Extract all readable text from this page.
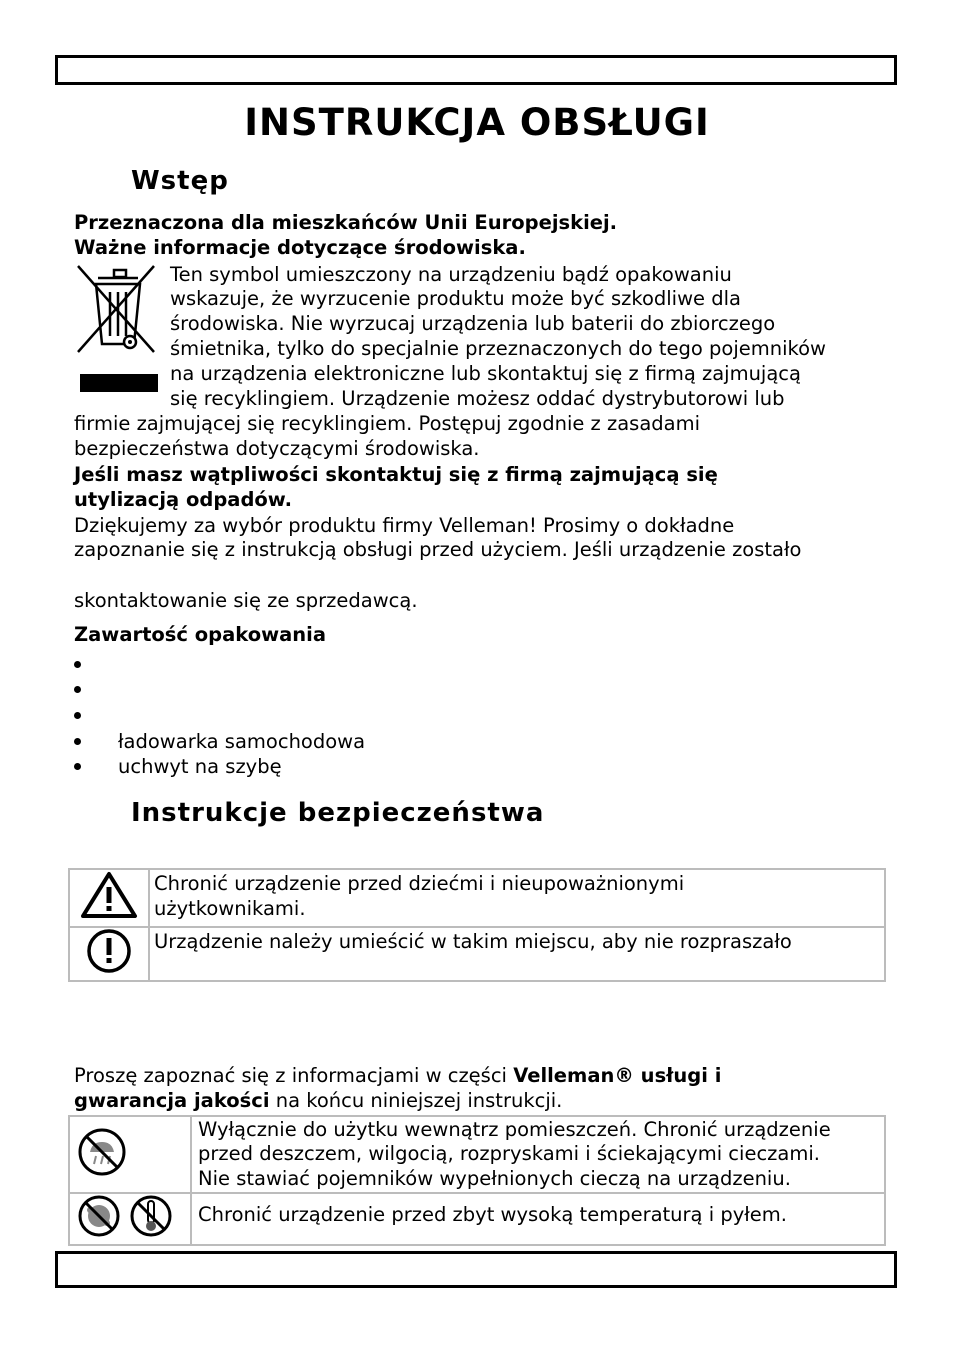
INSTRUKCJA OBSŁUGI
Wstęp
Przeznaczona dla mieszkańców Unii Europejskiej.
Ważne informacje dotyczące środowiska.
Ten symbol umieszczony na urządzeniu bądź opakowaniu
wskazuje, że wyrzucenie produktu może być szkodliwe dla
środowiska. Nie wyrzucaj urządzenia lub baterii do zbiorczego
śmietnika, tylko do specjalnie przeznaczonych do tego pojemników
na urządzenia elektroniczne lub skontaktuj się z firmą zajmującą
się recyklingiem. Urządzenie możesz oddać dystrybutorowi lub
firmie zajmującej się recyklingiem. Postępuj zgodnie z zasadami
bezpieczeństwa dotyczącymi środowiska.
Jeśli masz wątpliwości skontaktuj się z firmą zajmującą się
utylizacją odpadów.
Dziękujemy za wybór produktu firmy Velleman! Prosimy o dokładne
zapoznanie się z instrukcją obsługi przed użyciem. Jeśli urządzenie zostało
skontaktowanie się ze sprzedawcą.
Zawartość opakowania
ładowarka samochodowa
uchwyt na szybę
Instrukcje bezpieczeństwa

Chronić urządzenie przed dziećmi i nieupoważnionymi
użytkownikami.

Urządzenie należy umieścić w takim miejscu, aby nie rozpraszało
Proszę zapoznać się z informacjami w części Velleman® usługi i
gwarancja jakości na końcu niniejszej instrukcji.

Wyłącznie do użytku wewnątrz pomieszczeń. Chronić urządzenie
przed deszczem, wilgocią, rozpryskami i ściekającymi cieczami.
Nie stawiać pojemników wypełnionych cieczą na urządzeniu.

Chronić urządzenie przed zbyt wysoką temperaturą i pyłem.
